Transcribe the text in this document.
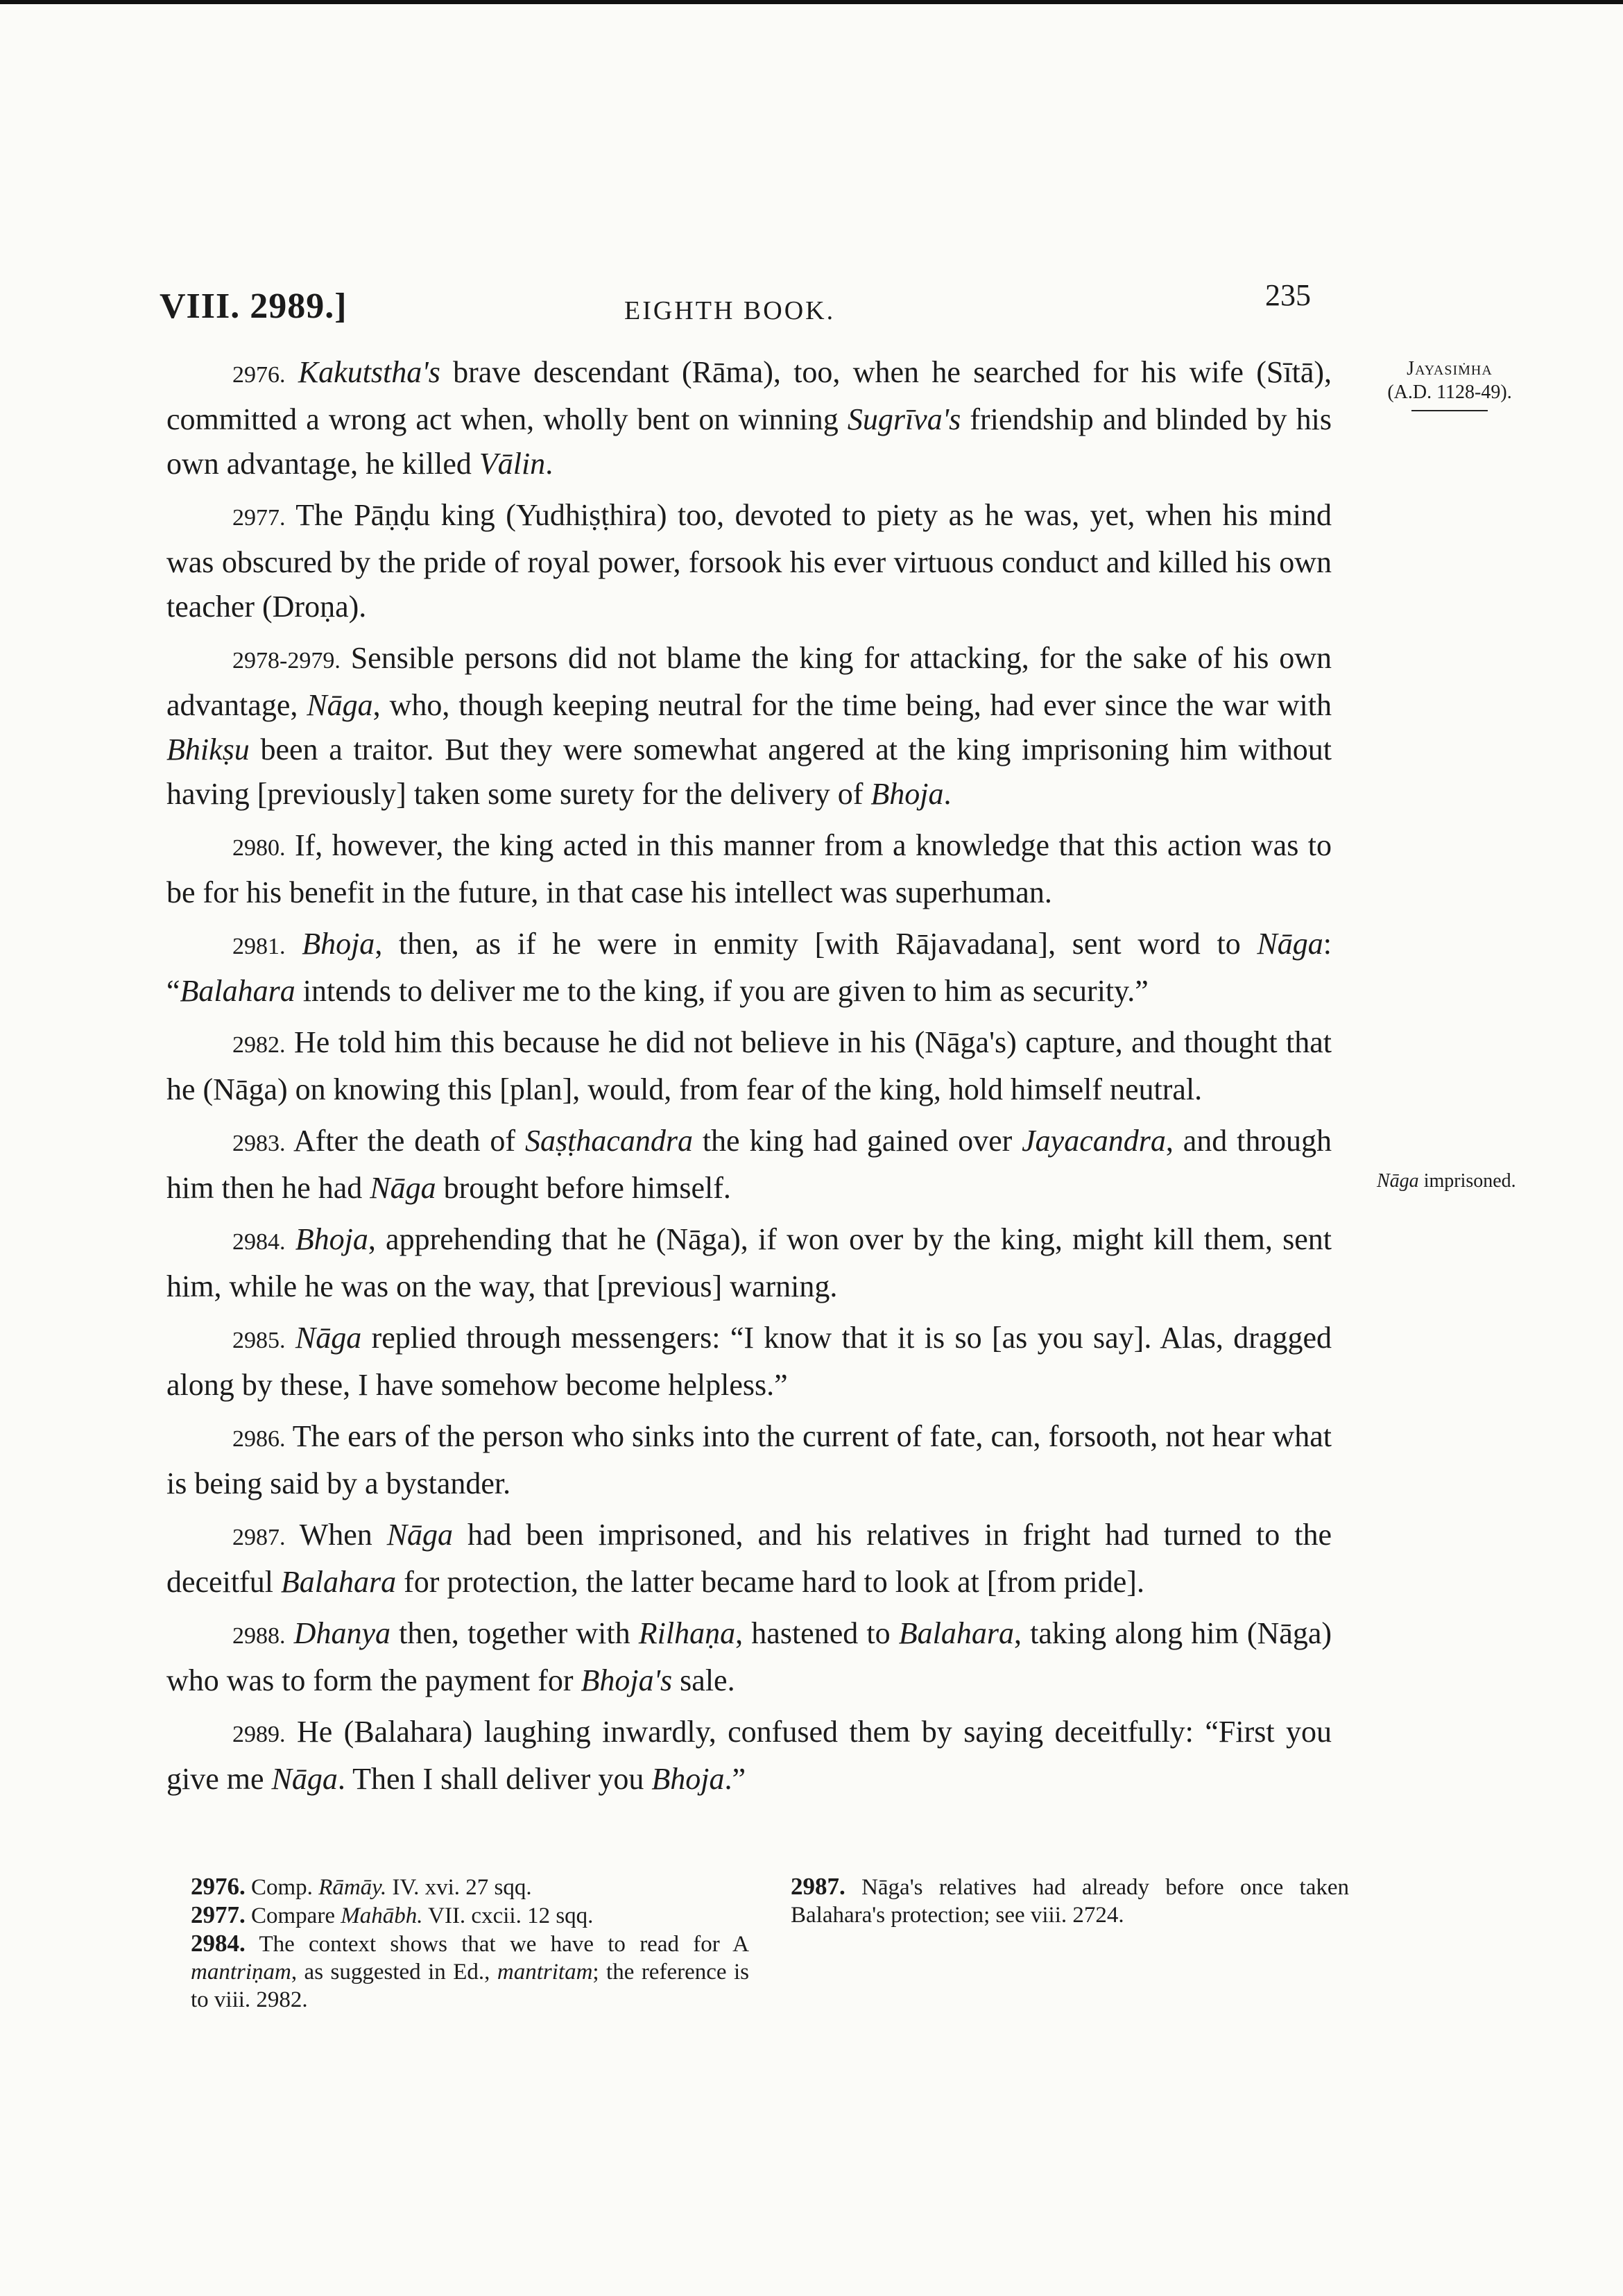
VIII. 2989.]	EIGHTH BOOK.	235
Jayasiṁha
(A.D. 1128-49).
Nāga imprisoned.

2976. Kakutstha's brave descendant (Rāma), too, when he searched for his wife (Sītā), committed a wrong act when, wholly bent on winning Sugrīva's friendship and blinded by his own advantage, he killed Vālin.

2977. The Pāṇḍu king (Yudhiṣṭhira) too, devoted to piety as he was, yet, when his mind was obscured by the pride of royal power, forsook his ever virtuous conduct and killed his own teacher (Droṇa).

2978-2979. Sensible persons did not blame the king for attacking, for the sake of his own advantage, Nāga, who, though keeping neutral for the time being, had ever since the war with Bhikṣu been a traitor. But they were somewhat angered at the king imprisoning him without having [previously] taken some surety for the delivery of Bhoja.

2980. If, however, the king acted in this manner from a knowledge that this action was to be for his benefit in the future, in that case his intellect was superhuman.

2981. Bhoja, then, as if he were in enmity [with Rājavadana], sent word to Nāga: “Balahara intends to deliver me to the king, if you are given to him as security.”

2982. He told him this because he did not believe in his (Nāga's) capture, and thought that he (Nāga) on knowing this [plan], would, from fear of the king, hold himself neutral.

2983. After the death of Saṣṭhacandra the king had gained over Jayacandra, and through him then he had Nāga brought before himself.

2984. Bhoja, apprehending that he (Nāga), if won over by the king, might kill them, sent him, while he was on the way, that [previous] warning.

2985. Nāga replied through messengers: “I know that it is so [as you say]. Alas, dragged along by these, I have somehow become helpless.”

2986. The ears of the person who sinks into the current of fate, can, forsooth, not hear what is being said by a bystander.

2987. When Nāga had been imprisoned, and his relatives in fright had turned to the deceitful Balahara for protection, the latter became hard to look at [from pride].

2988. Dhanya then, together with Rilhaṇa, hastened to Balahara, taking along him (Nāga) who was to form the payment for Bhoja's sale.

2989. He (Balahara) laughing inwardly, confused them by saying deceitfully: “First you give me Nāga. Then I shall deliver you Bhoja.”

2976. Comp. Rāmāy. IV. xvi. 27 sqq.

2977. Compare Mahābh. VII. cxcii. 12 sqq.

2984. The context shows that we have to read for A mantriṇam, as suggested in Ed., mantritam; the reference is to viii. 2982.

2987. Nāga's relatives had already before once taken Balahara's protection; see viii. 2724.
